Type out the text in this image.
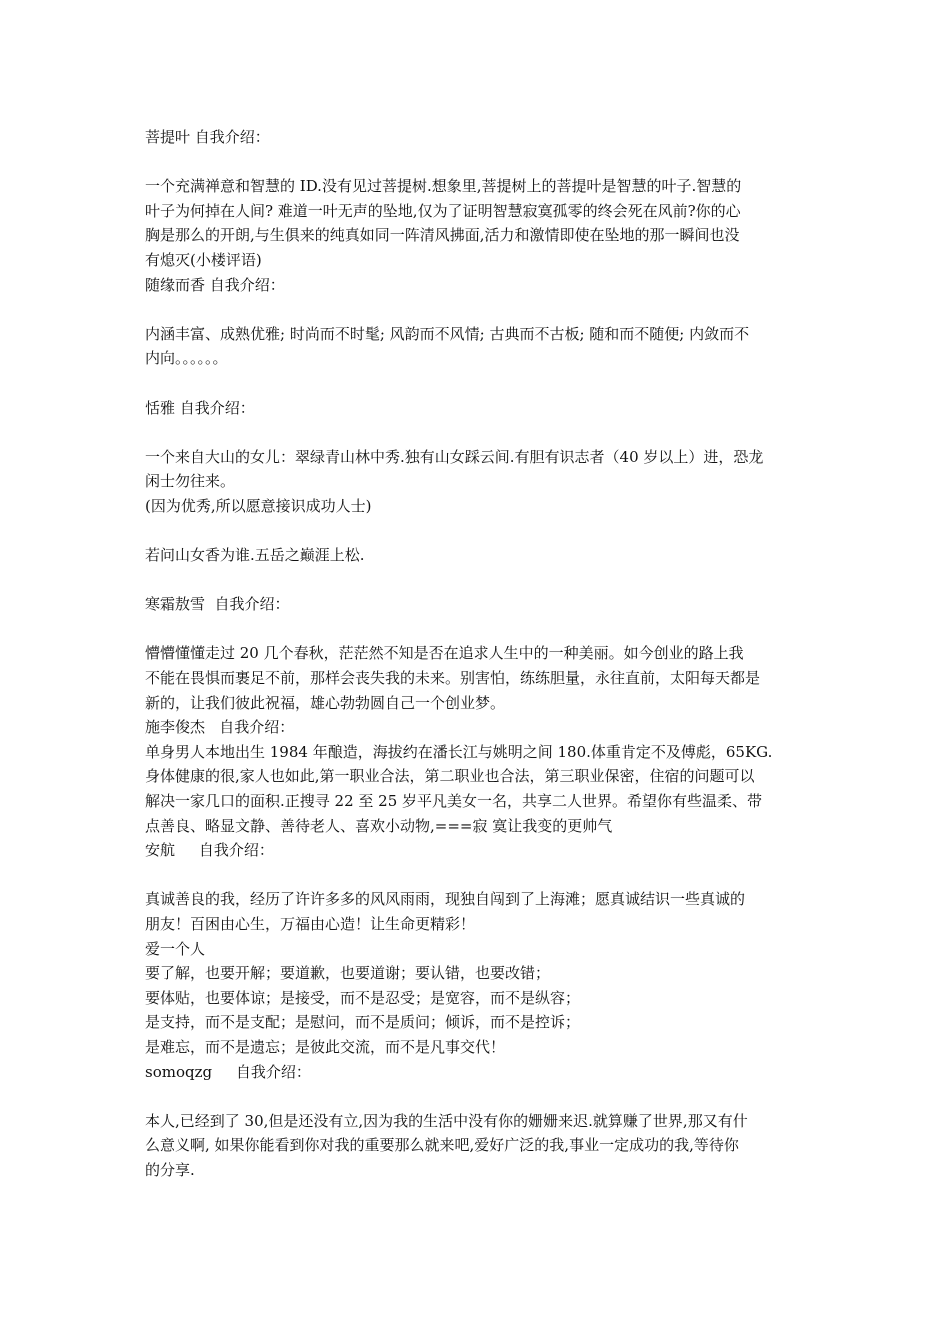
菩提叶 自我介绍：
一个充满禅意和智慧的 ID.没有见过菩提树.想象里,菩提树上的菩提叶是智慧的叶子.智慧的
叶子为何掉在人间? 难道一叶无声的坠地,仅为了证明智慧寂寞孤零的终会死在风前?你的心
胸是那么的开朗,与生俱来的纯真如同一阵清风拂面,活力和激情即使在坠地的那一瞬间也没
有熄灭(小楼评语)
随缘而香 自我介绍：
内涵丰富、成熟优雅; 时尚而不时髦; 风韵而不风情; 古典而不古板; 随和而不随便; 内敛而不
内向。。。。。。
恬雅 自我介绍：
一个来自大山的女儿：翠绿青山林中秀.独有山女踩云间.有胆有识志者（40 岁以上）进，恐龙
闲士勿往来。
(因为优秀,所以愿意接识成功人士)
若问山女香为谁.五岳之巅涯上松.
寒霜敖雪  自我介绍：
懵懵懂懂走过 20 几个春秋，茫茫然不知是否在追求人生中的一种美丽。如今创业的路上我
不能在畏惧而裹足不前，那样会丧失我的未来。别害怕，练练胆量，永往直前，太阳每天都是
新的，让我们彼此祝福，雄心勃勃圆自己一个创业梦。
施李俊杰   自我介绍：
单身男人本地出生 1984 年酿造，海拔约在潘长江与姚明之间 180.体重肯定不及傅彪，65KG.
身体健康的很,家人也如此,第一职业合法，第二职业也合法，第三职业保密，住宿的问题可以
解决一家几口的面积.正搜寻 22 至 25 岁平凡美女一名，共享二人世界。希望你有些温柔、带
点善良、略显文静、善待老人、喜欢小动物,===寂 寞让我变的更帅气
安航     自我介绍：
真诚善良的我，经历了许许多多的风风雨雨，现独自闯到了上海滩；愿真诚结识一些真诚的
朋友！百困由心生，万福由心造！让生命更精彩！
爱一个人
要了解，也要开解；要道歉，也要道谢；要认错，也要改错；
要体贴，也要体谅；是接受，而不是忍受；是宽容，而不是纵容；
是支持，而不是支配；是慰问，而不是质问；倾诉，而不是控诉；
是难忘，而不是遗忘；是彼此交流，而不是凡事交代！
somoqzg     自我介绍：
本人,已经到了 30,但是还没有立,因为我的生活中没有你的姗姗来迟.就算赚了世界,那又有什
么意义啊, 如果你能看到你对我的重要那么就来吧,爱好广泛的我,事业一定成功的我,等待你
的分享.
